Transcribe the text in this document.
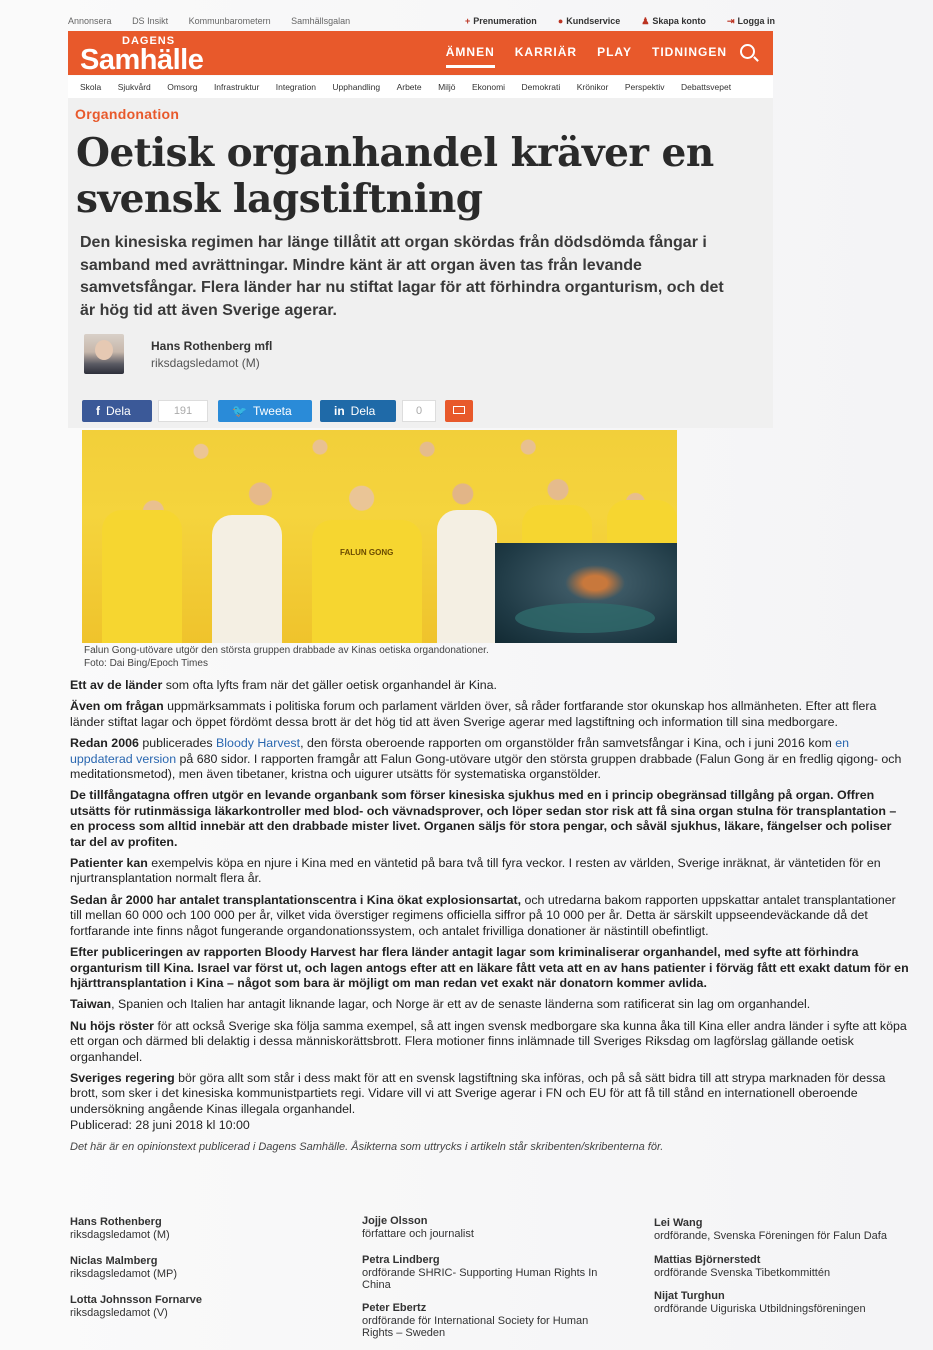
Annonsera DS Insikt Kommunbarometern Samhällsgalan	+ Prenumeration ● Kundservice ♟ Skapa konto ⇥ Logga in
DAGENS
Samhälle	ÄMNEN KARRIÄR PLAY TIDNINGEN
Skola Sjukvård Omsorg Infrastruktur Integration Upphandling Arbete Miljö Ekonomi Demokrati Krönikor Perspektiv Debattsvepet
Organdonation
Oetisk organhandel kräver en svensk lagstiftning
Den kinesiska regimen har länge tillåtit att organ skördas från dödsdömda fångar i samband med avrättningar. Mindre känt är att organ även tas från levande samvetsfångar. Flera länder har nu stiftat lagar för att förhindra organturism, och det är hög tid att även Sverige agerar.
Hans Rothenberg mfl
riksdagsledamot (M)
f Dela	191	🐦 Tweeta	in Dela	0
FALUN GONG
Falun Gong-utövare utgör den största gruppen drabbade av Kinas oetiska organdonationer.
Foto: Dai Bing/Epoch Times

Ett av de länder som ofta lyfts fram när det gäller oetisk organhandel är Kina.

Även om frågan uppmärksammats i politiska forum och parlament världen över, så råder fortfarande stor okunskap hos allmänheten. Efter att flera länder stiftat lagar och öppet fördömt dessa brott är det hög tid att även Sverige agerar med lagstiftning och information till sina medborgare.

Redan 2006 publicerades Bloody Harvest, den första oberoende rapporten om organstölder från samvetsfångar i Kina, och i juni 2016 kom en uppdaterad version på 680 sidor. I rapporten framgår att Falun Gong-utövare utgör den största gruppen drabbade (Falun Gong är en fredlig qigong- och meditationsmetod), men även tibetaner, kristna och uigurer utsätts för systematiska organstölder.

De tillfångatagna offren utgör en levande organbank som förser kinesiska sjukhus med en i princip obegränsad tillgång på organ. Offren utsätts för rutinmässiga läkarkontroller med blod- och vävnadsprover, och löper sedan stor risk att få sina organ stulna för transplantation – en process som alltid innebär att den drabbade mister livet. Organen säljs för stora pengar, och såväl sjukhus, läkare, fängelser och poliser tar del av profiten.

Patienter kan exempelvis köpa en njure i Kina med en väntetid på bara två till fyra veckor. I resten av världen, Sverige inräknat, är väntetiden för en njurtransplantation normalt flera år.

Sedan år 2000 har antalet transplantationscentra i Kina ökat explosionsartat, och utredarna bakom rapporten uppskattar antalet transplantationer till mellan 60 000 och 100 000 per år, vilket vida överstiger regimens officiella siffror på 10 000 per år. Detta är särskilt uppseendeväckande då det fortfarande inte finns något fungerande organdonationssystem, och antalet frivilliga donationer är nästintill obefintligt.

Efter publiceringen av rapporten Bloody Harvest har flera länder antagit lagar som kriminaliserar organhandel, med syfte att förhindra organturism till Kina. Israel var först ut, och lagen antogs efter att en läkare fått veta att en av hans patienter i förväg fått ett exakt datum för en hjärttransplantation i Kina – något som bara är möjligt om man redan vet exakt när donatorn kommer avlida.

Taiwan, Spanien och Italien har antagit liknande lagar, och Norge är ett av de senaste länderna som ratificerat sin lag om organhandel.

Nu höjs röster för att också Sverige ska följa samma exempel, så att ingen svensk medborgare ska kunna åka till Kina eller andra länder i syfte att köpa ett organ och därmed bli delaktig i dessa människorättsbrott. Flera motioner finns inlämnade till Sveriges Riksdag om lagförslag gällande oetisk organhandel.

Sveriges regering bör göra allt som står i dess makt för att en svensk lagstiftning ska införas, och på så sätt bidra till att strypa marknaden för dessa brott, som sker i det kinesiska kommunistpartiets regi. Vidare vill vi att Sverige agerar i FN och EU för att få till stånd en internationell oberoende undersökning angående Kinas illegala organhandel.

Publicerad: 28 juni 2018 kl 10:00

Det här är en opinionstext publicerad i Dagens Samhälle. Åsikterna som uttrycks i artikeln står skribenten/skribenterna för.

Hans Rothenberg
riksdagsledamot (M)
Niclas Malmberg
riksdagsledamot (MP)
Lotta Johnsson Fornarve
riksdagsledamot (V)
Jojje Olsson
författare och journalist
Petra Lindberg
ordförande SHRIC- Supporting Human Rights In China
Peter Ebertz
ordförande för International Society for Human Rights – Sweden
Lei Wang
ordförande, Svenska Föreningen för Falun Dafa
Mattias Björnerstedt
ordförande Svenska Tibetkommittén
Nijat Turghun
ordförande Uiguriska Utbildningsföreningen
